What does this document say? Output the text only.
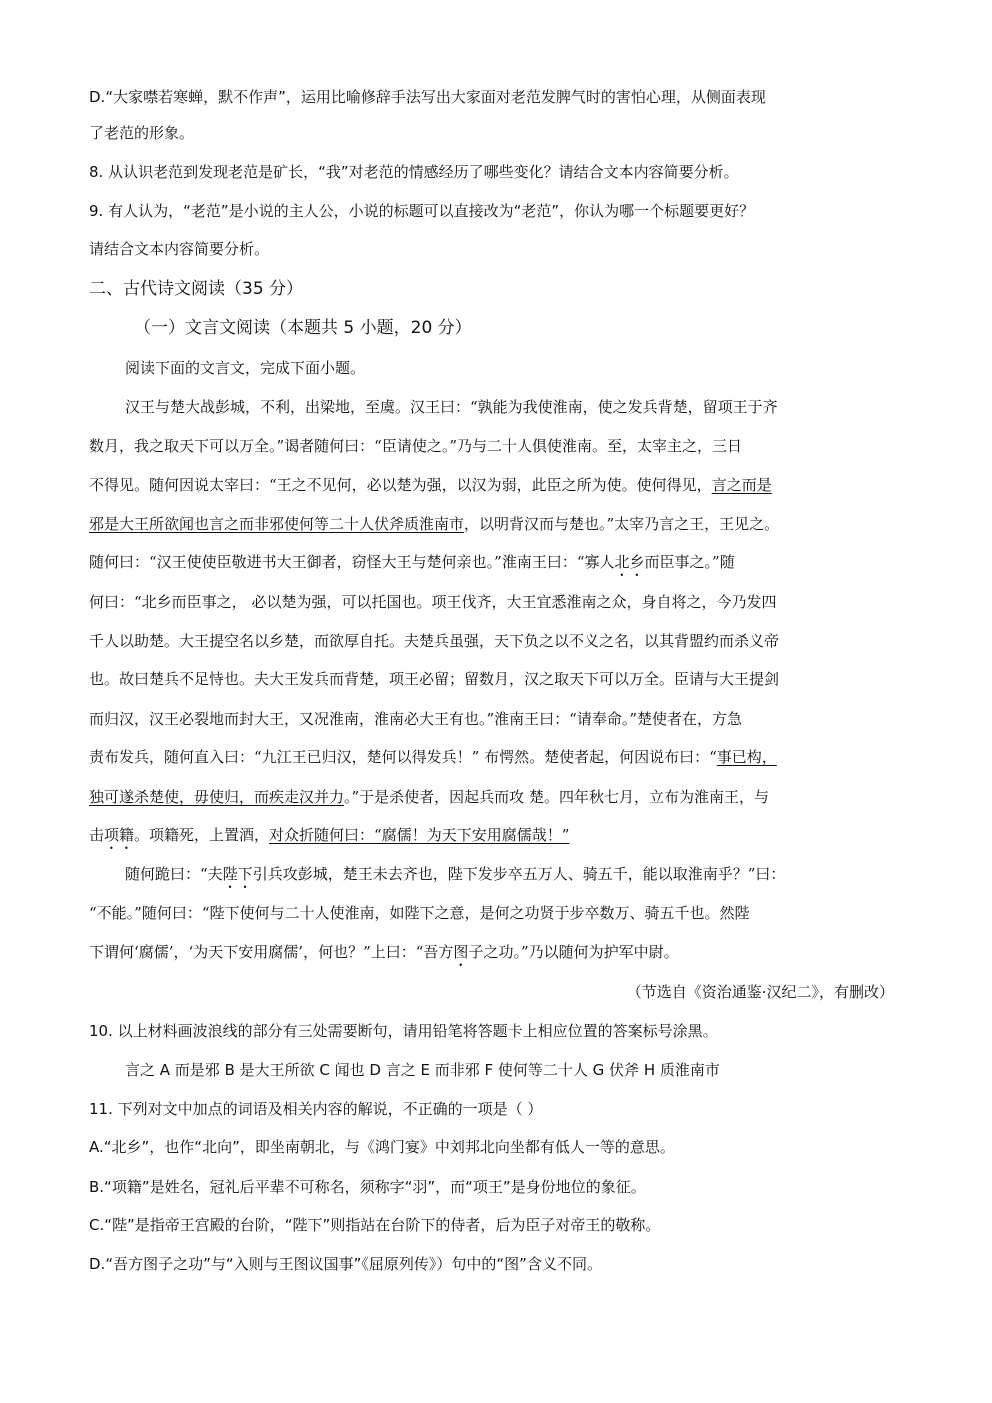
D.“大家噤若寒蝉，默不作声”，运用比喻修辞手法写出大家面对老范发脾气时的害怕心理，从侧面表现

了老范的形象。

8. 从认识老范到发现老范是矿长，“我”对老范的情感经历了哪些变化？请结合文本内容简要分析。

9. 有人认为，“老范”是小说的主人公，小说的标题可以直接改为“老范”，你认为哪一个标题要更好？

请结合文本内容简要分析。

二、古代诗文阅读（35 分）

（一）文言文阅读（本题共 5 小题，20 分）

阅读下面的文言文，完成下面小题。

汉王与楚大战彭城，不利，出梁地，至虞。汉王曰：“孰能为我使淮南，使之发兵背楚，留项王于齐

数月，我之取天下可以万全。”谒者随何曰：“臣请使之。”乃与二十人俱使淮南。至，太宰主之，三日

不得见。随何因说太宰曰：“王之不见何，必以楚为强，以汉为弱，此臣之所为使。使何得见，言之而是

邪是大王所欲闻也言之而非邪使何等二十人伏斧质淮南市，以明背汉而与楚也。”太宰乃言之王，王见之。

随何曰：“汉王使使臣敬进书大王御者，窃怪大王与楚何亲也。”淮南王曰：“寡人北乡而臣事之。”随

何曰：“北乡而臣事之， 必以楚为强，可以托国也。项王伐齐，大王宜悉淮南之众，身自将之，今乃发四

千人以助楚。大王提空名以乡楚，而欲厚自托。夫楚兵虽强，天下负之以不义之名，以其背盟约而杀义帝

也。故曰楚兵不足恃也。夫大王发兵而背楚，项王必留；留数月，汉之取天下可以万全。臣请与大王提剑

而归汉，汉王必裂地而封大王，又况淮南，淮南必大王有也。”淮南王曰：“请奉命。”楚使者在，方急

责布发兵，随何直入曰：“九江王已归汉，楚何以得发兵！” 布愕然。楚使者起，何因说布曰：“事已构，

独可遂杀楚使，毋使归，而疾走汉并力。”于是杀使者，因起兵而攻 楚。四年秋七月，立布为淮南王，与

击项籍。项籍死，上置酒，对众折随何曰：“腐儒！为天下安用腐儒哉！”

随何跪曰：“夫陛下引兵攻彭城，楚王未去齐也，陛下发步卒五万人、骑五千，能以取淮南乎？”曰：

“不能。”随何曰：“陛下使何与二十人使淮南，如陛下之意，是何之功贤于步卒数万、骑五千也。然陛

下谓何‘腐儒’，‘为天下安用腐儒’，何也？”上曰：“吾方图子之功。”乃以随何为护军中尉。

（节选自《资治通鉴·汉纪二》，有删改）

10. 以上材料画波浪线的部分有三处需要断句，请用铅笔将答题卡上相应位置的答案标号涂黑。

言之 A 而是邪 B 是大王所欲 C 闻也 D 言之 E 而非邪 F 使何等二十人 G 伏斧 H 质淮南市

11. 下列对文中加点的词语及相关内容的解说，不正确的一项是（ ）

A.“北乡”，也作“北向”，即坐南朝北，与《鸿门宴》中刘邦北向坐都有低人一等的意思。

B.“项籍”是姓名，冠礼后平辈不可称名，须称字“羽”，而“项王”是身份地位的象征。

C.“陛”是指帝王宫殿的台阶，“陛下”则指站在台阶下的侍者，后为臣子对帝王的敬称。

D.“吾方图子之功”与“入则与王图议国事”《屈原列传》）句中的“图”含义不同。
